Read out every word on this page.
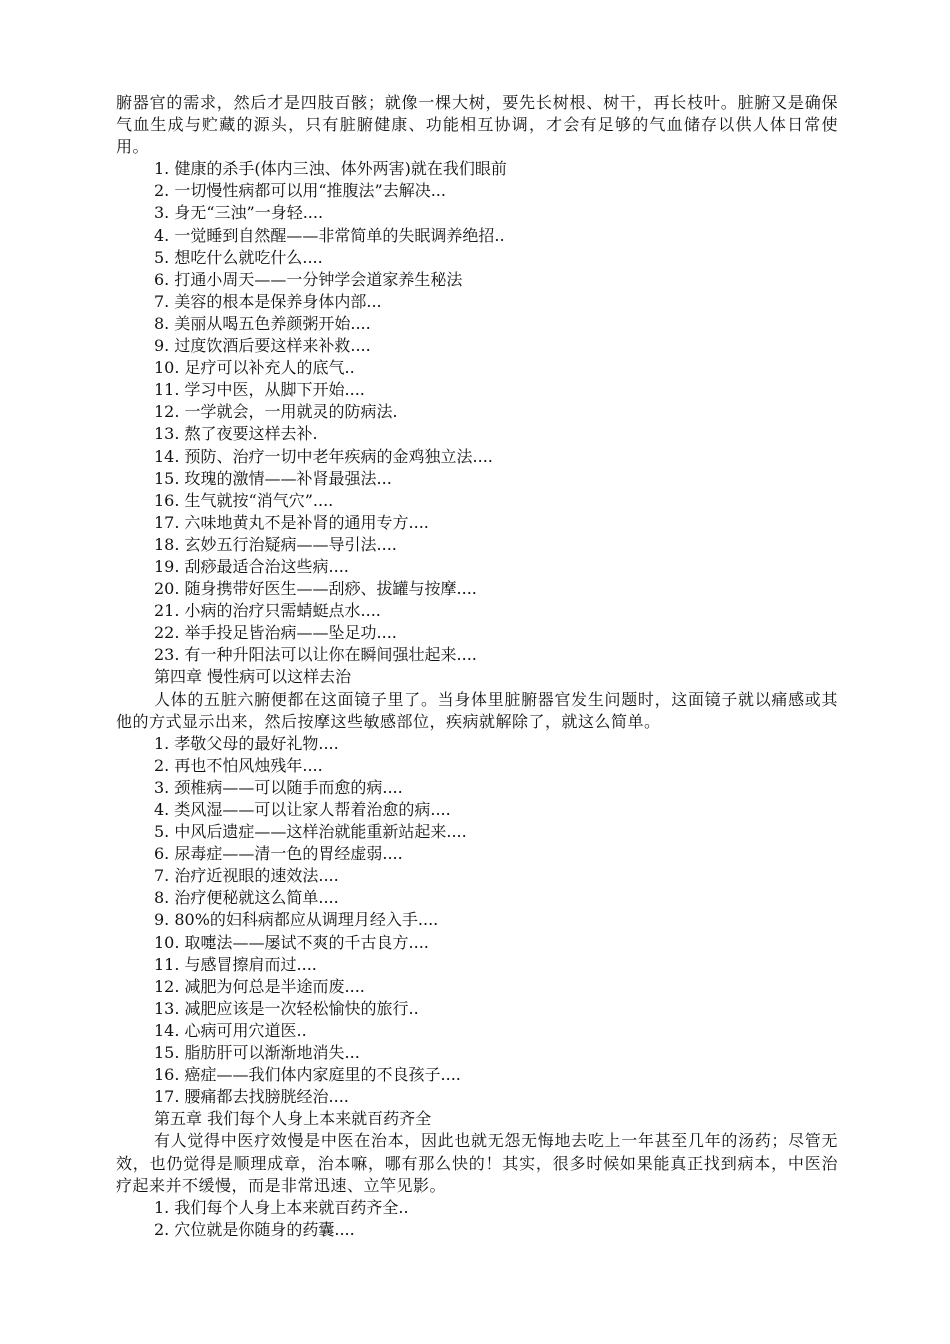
腑器官的需求，然后才是四肢百骸；就像一棵大树，要先长树根、树干，再长枝叶。脏腑又是确保气血生成与贮藏的源头，只有脏腑健康、功能相互协调，才会有足够的气血储存以供人体日常使用。

1. 健康的杀手(体内三浊、体外两害)就在我们眼前
2. 一切慢性病都可以用“推腹法”去解决...
3. 身无“三浊”一身轻....
4. 一觉睡到自然醒——非常简单的失眠调养绝招..
5. 想吃什么就吃什么....
6. 打通小周天——一分钟学会道家养生秘法
7. 美容的根本是保养身体内部...
8. 美丽从喝五色养颜粥开始....
9. 过度饮酒后要这样来补救....
10. 足疗可以补充人的底气..
11. 学习中医，从脚下开始....
12. 一学就会，一用就灵的防病法.
13. 熬了夜要这样去补.
14. 预防、治疗一切中老年疾病的金鸡独立法....
15. 玫瑰的激情——补肾最强法...
16. 生气就按“消气穴”....
17. 六味地黄丸不是补肾的通用专方....
18. 玄妙五行治疑病——导引法....
19. 刮痧最适合治这些病....
20. 随身携带好医生——刮痧、拔罐与按摩....
21. 小病的治疗只需蜻蜓点水....
22. 举手投足皆治病——坠足功....
23. 有一种升阳法可以让你在瞬间强壮起来....

第四章 慢性病可以这样去治

人体的五脏六腑便都在这面镜子里了。当身体里脏腑器官发生问题时，这面镜子就以痛感或其他的方式显示出来，然后按摩这些敏感部位，疾病就解除了，就这么简单。

1. 孝敬父母的最好礼物....
2. 再也不怕风烛残年....
3. 颈椎病——可以随手而愈的病....
4. 类风湿——可以让家人帮着治愈的病....
5. 中风后遗症——这样治就能重新站起来....
6. 尿毒症——清一色的胃经虚弱....
7. 治疗近视眼的速效法....
8. 治疗便秘就这么简单....
9. 80%的妇科病都应从调理月经入手....
10. 取嚏法——屡试不爽的千古良方....
11. 与感冒擦肩而过....
12. 减肥为何总是半途而废....
13. 减肥应该是一次轻松愉快的旅行..
14. 心病可用穴道医..
15. 脂肪肝可以渐渐地消失...
16. 癌症——我们体内家庭里的不良孩子....
17. 腰痛都去找膀胱经治....

第五章 我们每个人身上本来就百药齐全

有人觉得中医疗效慢是中医在治本，因此也就无怨无悔地去吃上一年甚至几年的汤药；尽管无效，也仍觉得是顺理成章，治本嘛，哪有那么快的！其实，很多时候如果能真正找到病本，中医治疗起来并不缓慢，而是非常迅速、立竿见影。

1. 我们每个人身上本来就百药齐全..
2. 穴位就是你随身的药囊....
